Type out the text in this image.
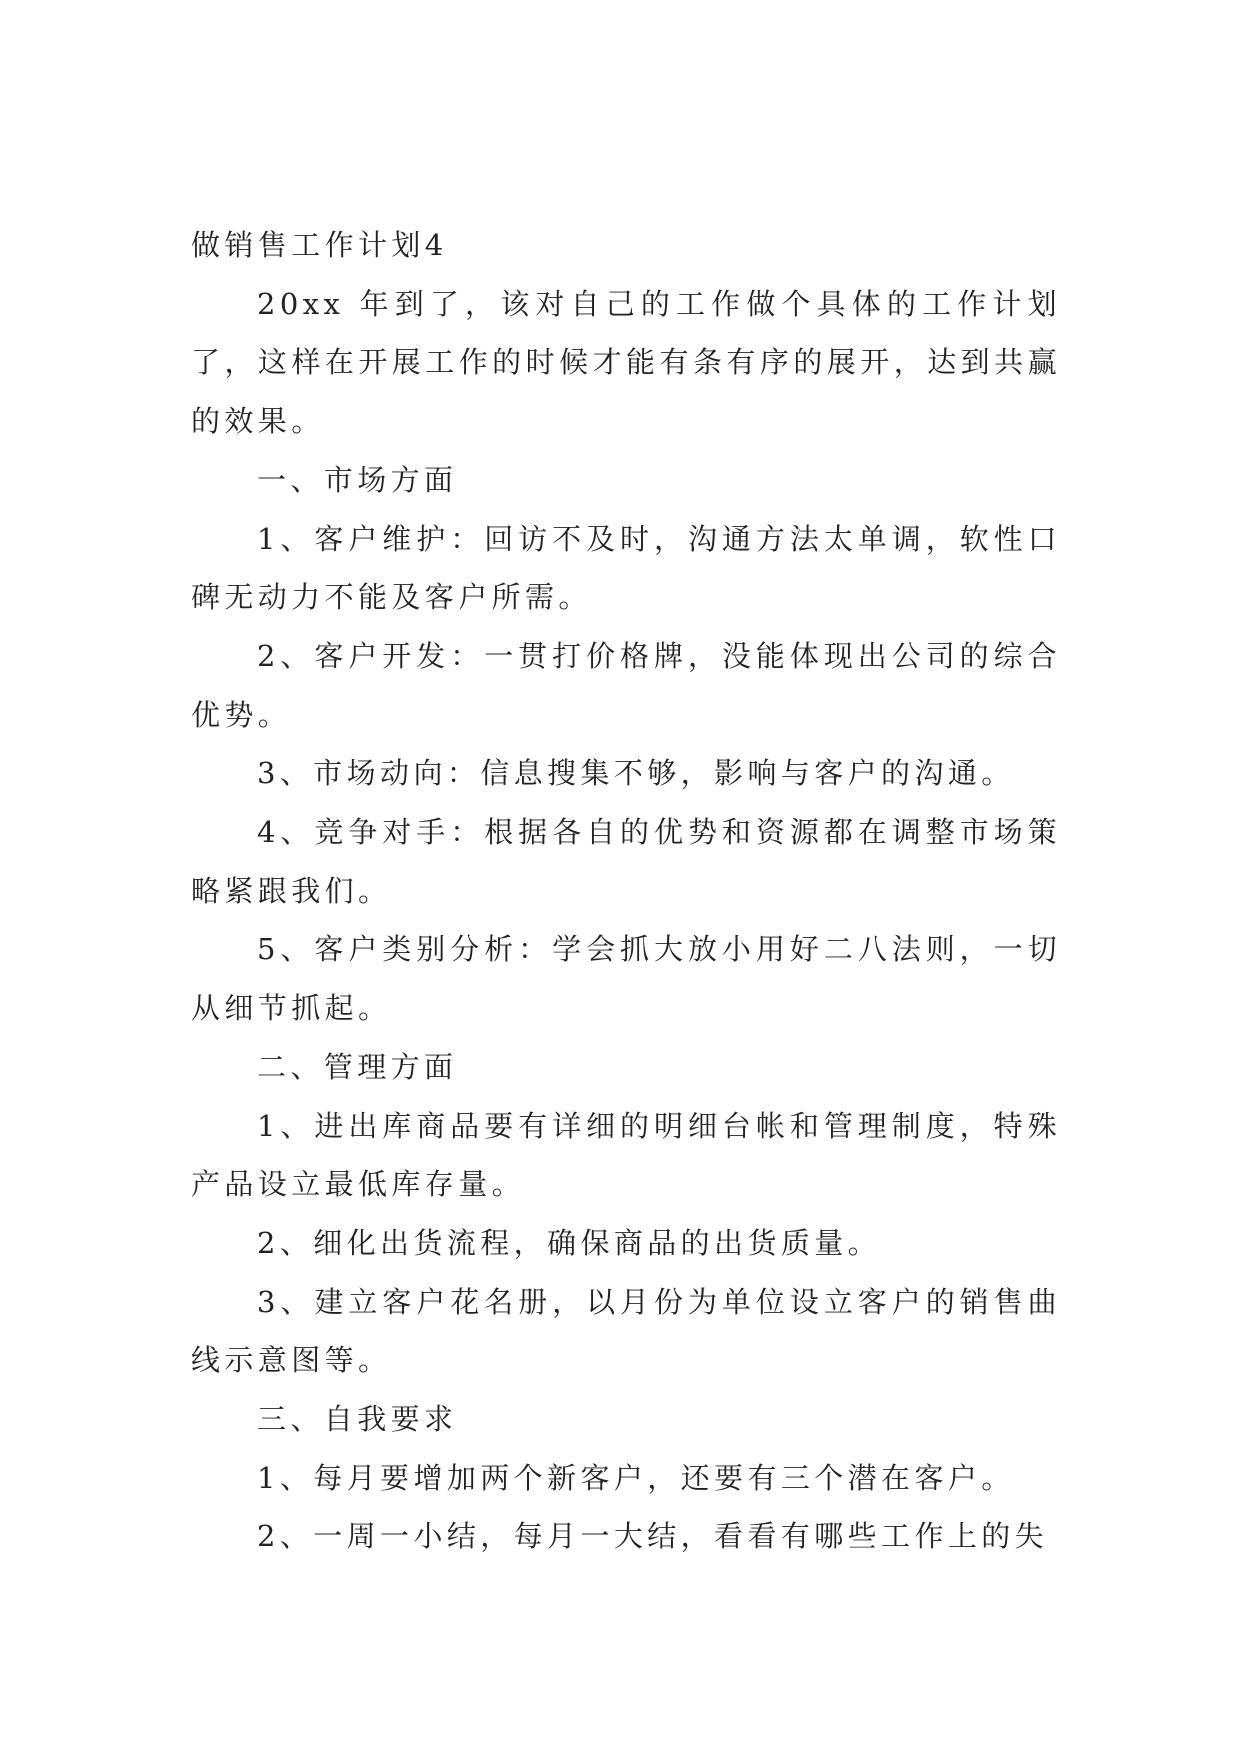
做销售工作计划4

20xx 年到了，该对自己的工作做个具体的工作计划了，这样在开展工作的时候才能有条有序的展开，达到共赢的效果。

一、市场方面

1、客户维护：回访不及时，沟通方法太单调，软性口碑无动力不能及客户所需。

2、客户开发：一贯打价格牌，没能体现出公司的综合优势。

3、市场动向：信息搜集不够，影响与客户的沟通。

4、竞争对手：根据各自的优势和资源都在调整市场策略紧跟我们。

5、客户类别分析：学会抓大放小用好二八法则，一切从细节抓起。

二、管理方面

1、进出库商品要有详细的明细台帐和管理制度，特殊产品设立最低库存量。

2、细化出货流程，确保商品的出货质量。

3、建立客户花名册，以月份为单位设立客户的销售曲线示意图等。

三、自我要求

1、每月要增加两个新客户，还要有三个潜在客户。

2、一周一小结，每月一大结，看看有哪些工作上的失
